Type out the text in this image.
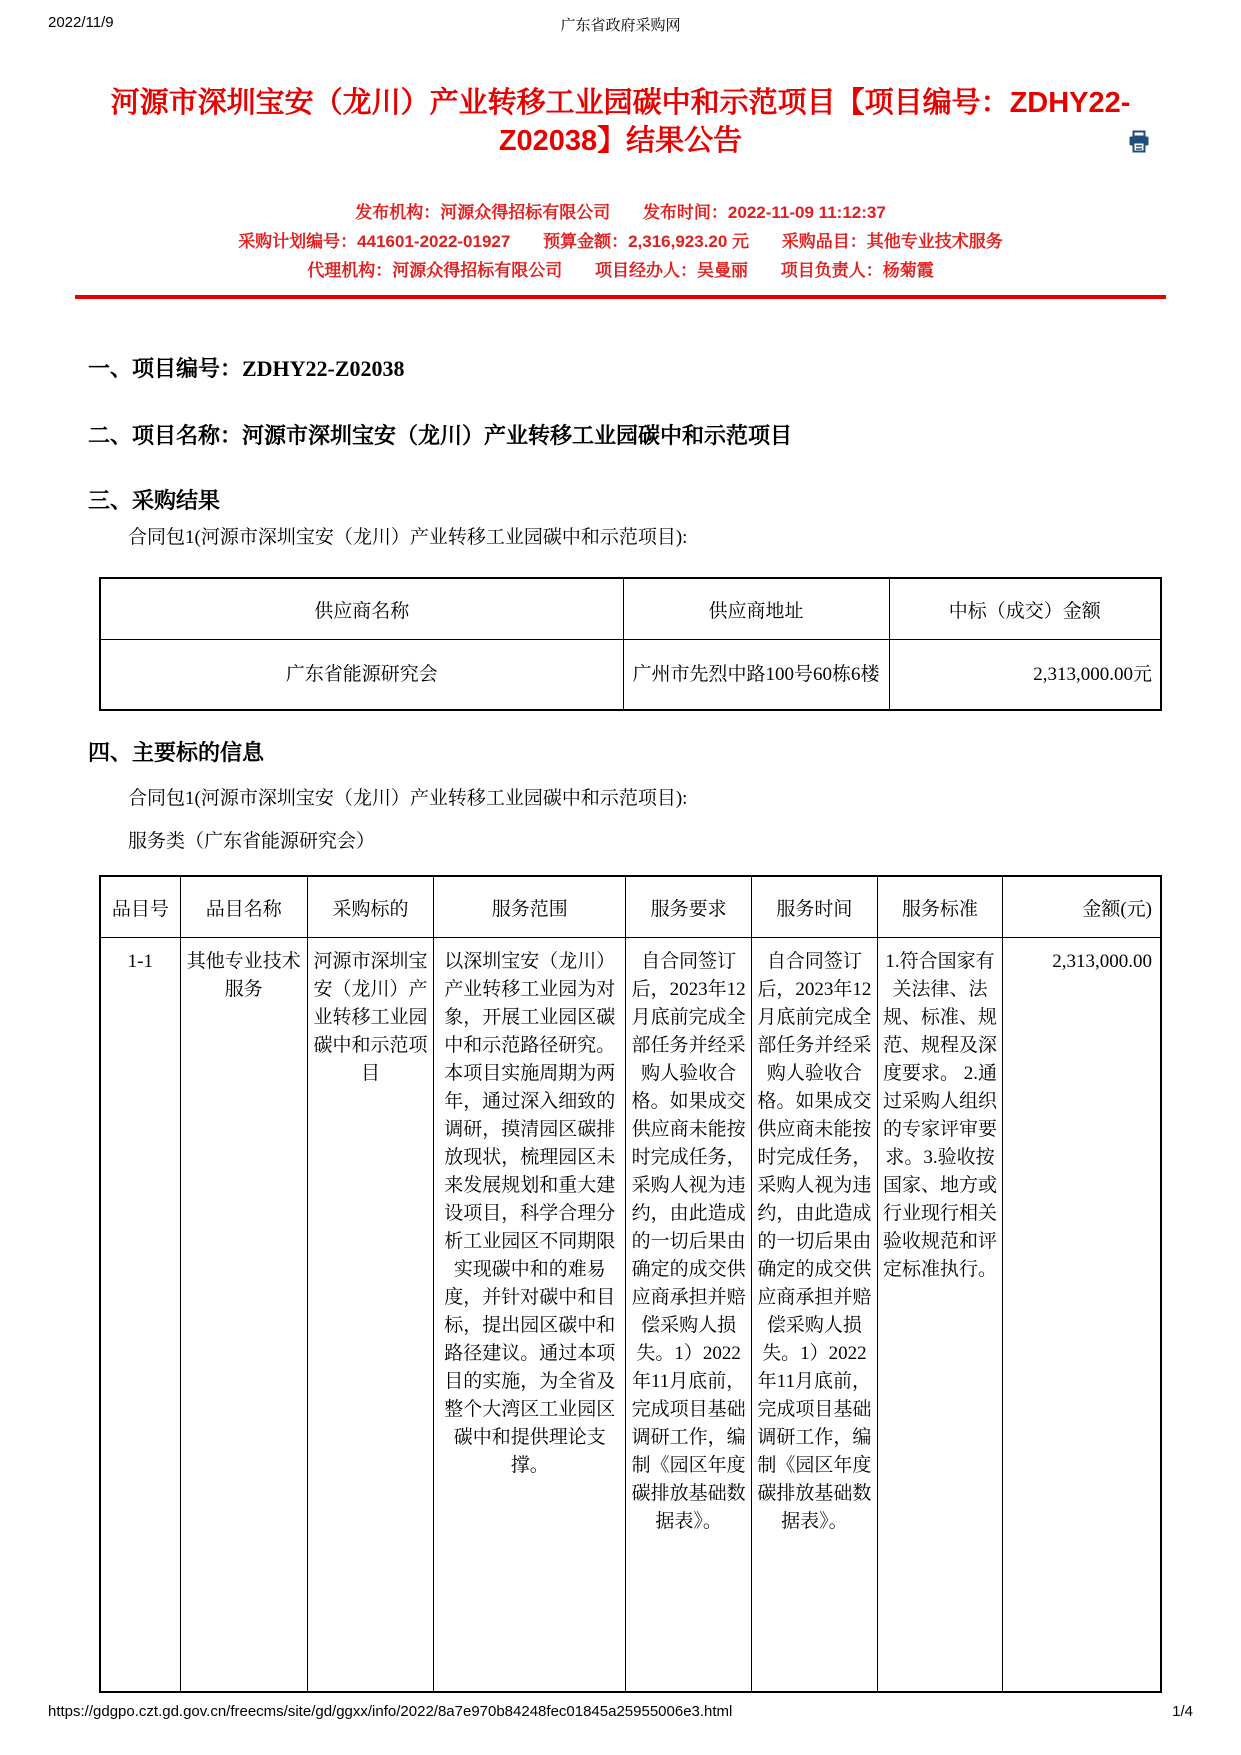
2022/11/9	广东省政府采购网
河源市深圳宝安（龙川）产业转移工业园碳中和示范项目【项目编号：ZDHY22-Z02038】结果公告
发布机构：河源众得招标有限公司 发布时间：2022-11-09 11:12:37
采购计划编号：441601-2022-01927 预算金额：2,316,923.20 元 采购品目：其他专业技术服务
代理机构：河源众得招标有限公司 项目经办人：吴曼丽 项目负责人：杨菊霞
一、项目编号：ZDHY22-Z02038
二、项目名称：河源市深圳宝安（龙川）产业转移工业园碳中和示范项目
三、采购结果
合同包1(河源市深圳宝安（龙川）产业转移工业园碳中和示范项目):
供应商名称	供应商地址	中标（成交）金额
广东省能源研究会	广州市先烈中路100号60栋6楼	2,313,000.00元
四、主要标的信息
合同包1(河源市深圳宝安（龙川）产业转移工业园碳中和示范项目):
服务类（广东省能源研究会）
品目号	品目名称	采购标的	服务范围	服务要求	服务时间	服务标准	金额(元)

1-1	其他专业技术服务	河源市深圳宝安（龙川）产业转移工业园碳中和示范项目	以深圳宝安（龙川）产业转移工业园为对象，开展工业园区碳中和示范路径研究。本项目实施周期为两年，通过深入细致的调研，摸清园区碳排放现状，梳理园区未来发展规划和重大建设项目，科学合理分析工业园区不同期限实现碳中和的难易度，并针对碳中和目标，提出园区碳中和路径建议。通过本项目的实施，为全省及整个大湾区工业园区碳中和提供理论支撑。	自合同签订后，2023年12月底前完成全部任务并经采购人验收合格。如果成交供应商未能按时完成任务，采购人视为违约，由此造成的一切后果由确定的成交供应商承担并赔偿采购人损失。1）2022年11月底前，完成项目基础调研工作，编制《园区年度碳排放基础数据表》。	自合同签订后，2023年12月底前完成全部任务并经采购人验收合格。如果成交供应商未能按时完成任务，采购人视为违约，由此造成的一切后果由确定的成交供应商承担并赔偿采购人损失。1）2022年11月底前，完成项目基础调研工作，编制《园区年度碳排放基础数据表》。	1.符合国家有关法律、法规、标准、规范、规程及深度要求。 2.通过采购人组织的专家评审要求。3.验收按国家、地方或行业现行相关验收规范和评定标准执行。	2,313,000.00
https://gdgpo.czt.gd.gov.cn/freecms/site/gd/ggxx/info/2022/8a7e970b84248fec01845a25955006e3.html	1/4
